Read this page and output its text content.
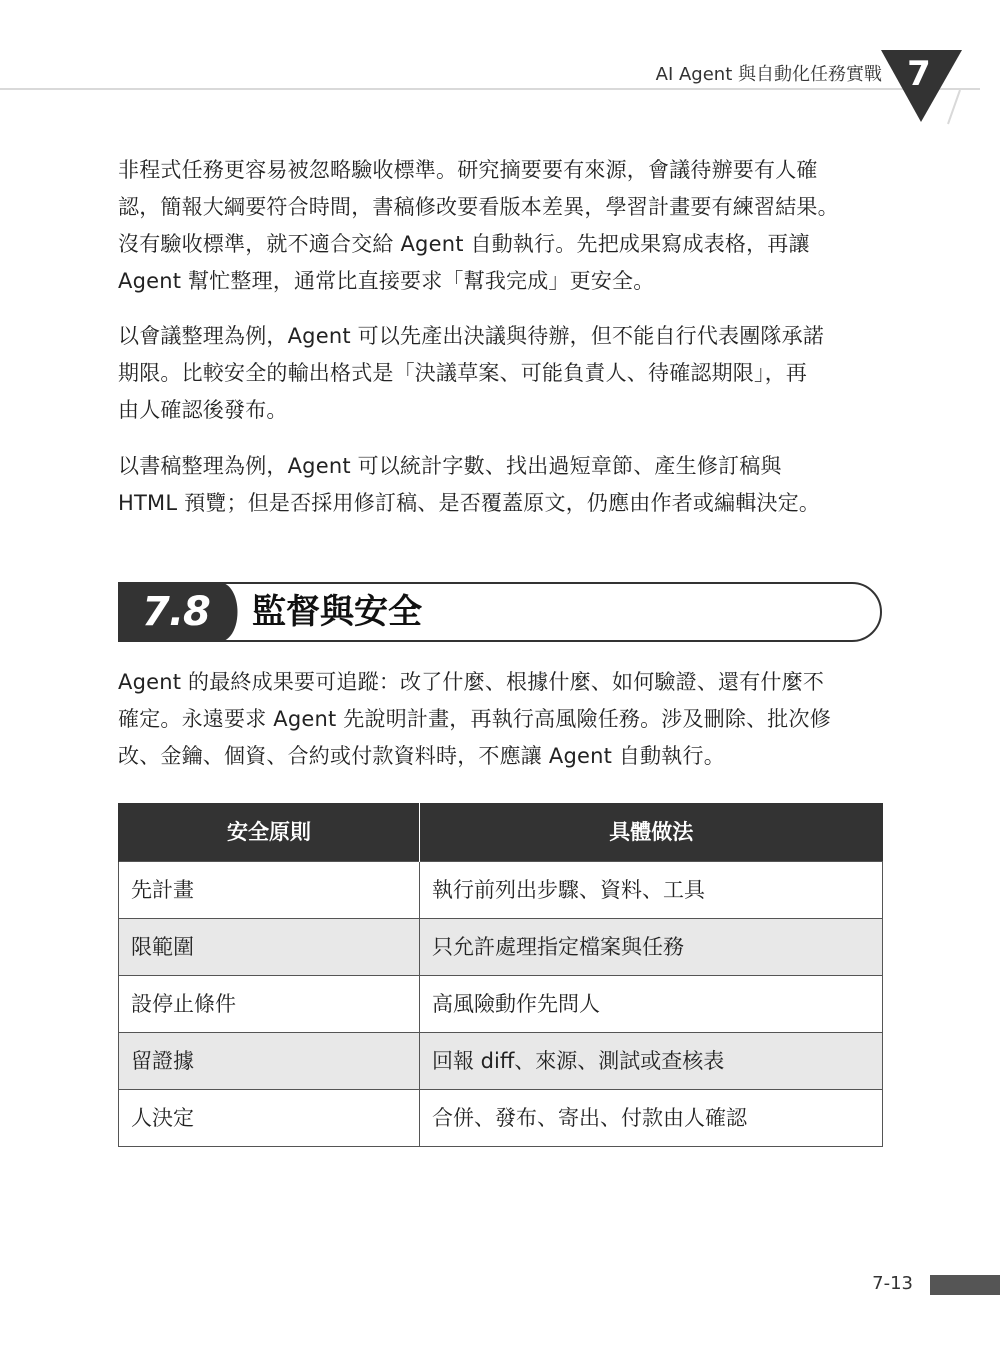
AI Agent 與自動化任務實戰 7

非程式任務更容易被忽略驗收標準。研究摘要要有來源，會議待辦要有人確
認，簡報大綱要符合時間，書稿修改要看版本差異，學習計畫要有練習結果。
沒有驗收標準，就不適合交給 Agent 自動執行。先把成果寫成表格，再讓
Agent 幫忙整理，通常比直接要求「幫我完成」更安全。

以會議整理為例，Agent 可以先產出決議與待辦，但不能自行代表團隊承諾
期限。比較安全的輸出格式是「決議草案、可能負責人、待確認期限」，再
由人確認後發布。

以書稿整理為例，Agent 可以統計字數、找出過短章節、產生修訂稿與
HTML 預覽；但是否採用修訂稿、是否覆蓋原文，仍應由作者或編輯決定。

7.8 監督與安全

Agent 的最終成果要可追蹤：改了什麼、根據什麼、如何驗證、還有什麼不
確定。永遠要求 Agent 先說明計畫，再執行高風險任務。涉及刪除、批次修
改、金鑰、個資、合約或付款資料時，不應讓 Agent 自動執行。

安全原則	具體做法
先計畫	執行前列出步驟、資料、工具
限範圍	只允許處理指定檔案與任務
設停止條件	高風險動作先問人
留證據	回報 diff、來源、測試或查核表
人決定	合併、發布、寄出、付款由人確認
7-13
